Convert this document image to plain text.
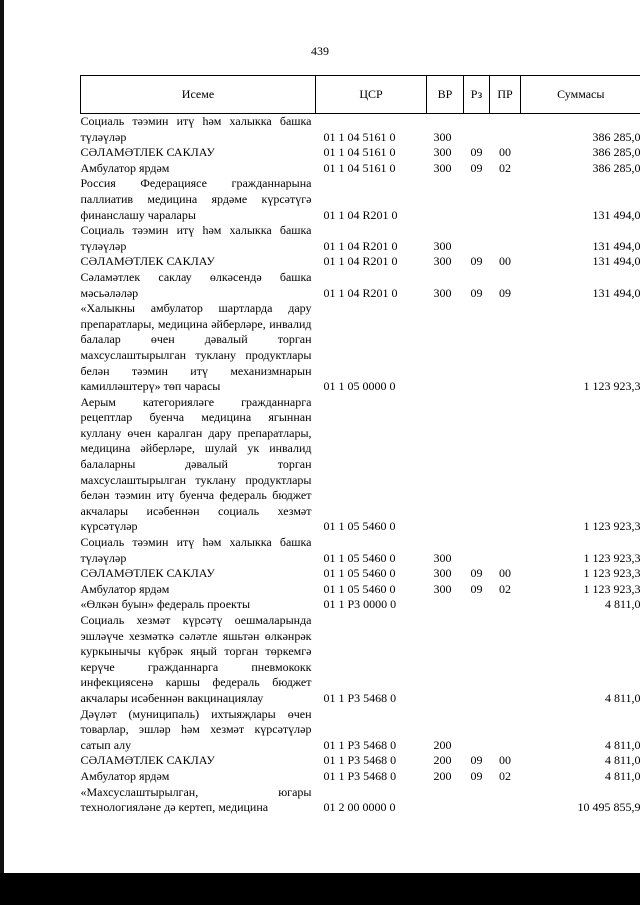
439
Исеме	ЦСР	ВР	Рз	ПР	Суммасы
Социаль тәэмин итү һәм халыкка башка түләүләр	01 1 04 5161 0	300			386 285,0
СӘЛАМӘТЛЕК САКЛАУ	01 1 04 5161 0	300	09	00	386 285,0
Амбулатор ярдәм	01 1 04 5161 0	300	09	02	386 285,0
Россия Федерациясе гражданнарына паллиатив медицина ярдәме күрсәтүгә финанслашу чаралары	01 1 04 R201 0				131 494,0
Социаль тәэмин итү һәм халыкка башка түләүләр	01 1 04 R201 0	300			131 494,0
СӘЛАМӘТЛЕК САКЛАУ	01 1 04 R201 0	300	09	00	131 494,0
Сәламәтлек саклау өлкәсендә башка мәсьәләләр	01 1 04 R201 0	300	09	09	131 494,0
«Халыкны амбулатор шартларда дару препаратлары, медицина әйберләре, инвалид балалар өчен дәвалый торган махсуслаштырылган туклану продуктлары белән тәэмин итү механизмнарын камилләштерү» төп чарасы	01 1 05 0000 0				1 123 923,3
Аерым категорияләге гражданнарга рецептлар буенча медицина ягыннан куллану өчен каралган дару препаратлары, медицина әйберләре, шулай ук инвалид балаларны дәвалый торган махсуслаштырылган туклану продуктлары белән тәэмин итү буенча федераль бюджет акчалары исәбеннән социаль хезмәт күрсәтүләр	01 1 05 5460 0				1 123 923,3
Социаль тәэмин итү һәм халыкка башка түләүләр	01 1 05 5460 0	300			1 123 923,3
СӘЛАМӘТЛЕК САКЛАУ	01 1 05 5460 0	300	09	00	1 123 923,3
Амбулатор ярдәм	01 1 05 5460 0	300	09	02	1 123 923,3
«Өлкән буын» федераль проекты	01 1 P3 0000 0				4 811,0
Социаль хезмәт күрсәтү оешмаларында эшләүче хезмәткә сәләтле яшьтән өлкәнрәк куркынычы күбрәк яңый торган төркемгә керүче гражданнарга пневмококк инфекциясенә каршы федераль бюджет акчалары исәбеннән вакцинациялау	01 1 P3 5468 0				4 811,0
Дәүләт (муниципаль) ихтыяҗлары өчен товарлар, эшләр һәм хезмәт күрсәтүләр сатып алу	01 1 P3 5468 0	200			4 811,0
СӘЛАМӘТЛЕК САКЛАУ	01 1 P3 5468 0	200	09	00	4 811,0
Амбулатор ярдәм	01 1 P3 5468 0	200	09	02	4 811,0
«Махсуслаштырылган, югары технологияләне дә кертеп, медицина	01 2 00 0000 0				10 495 855,9
